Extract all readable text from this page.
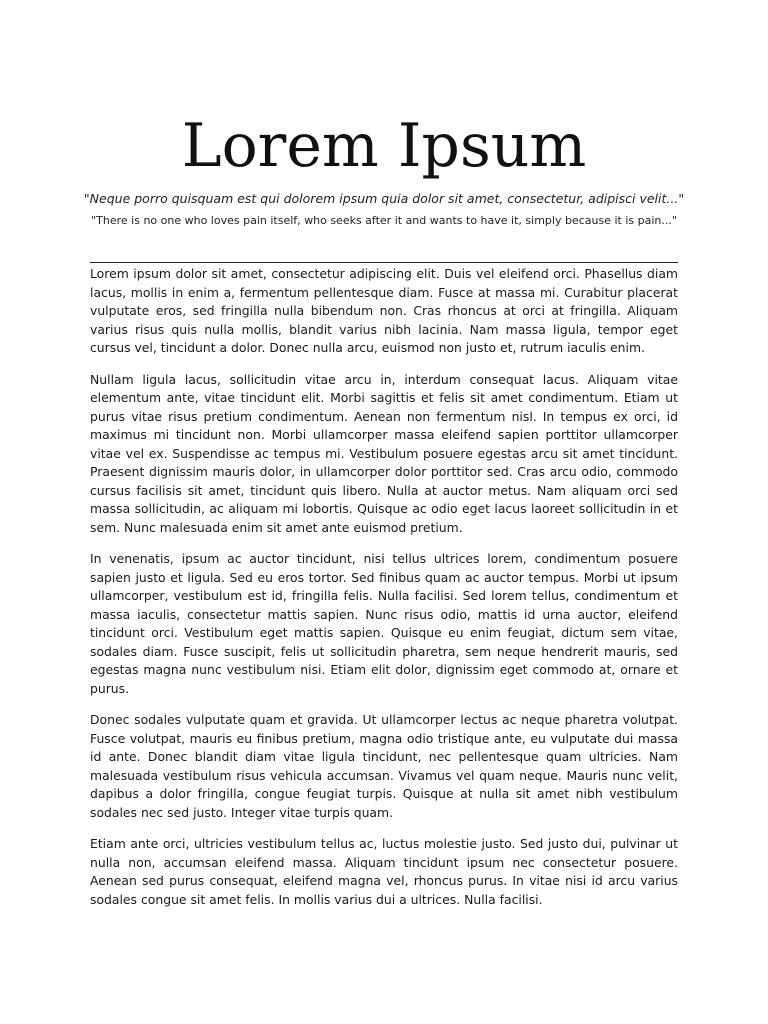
Lorem Ipsum

"Neque porro quisquam est qui dolorem ipsum quia dolor sit amet, consectetur, adipisci velit..."

"There is no one who loves pain itself, who seeks after it and wants to have it, simply because it is pain..."

Lorem ipsum dolor sit amet, consectetur adipiscing elit. Duis vel eleifend orci. Phasellus diam lacus, mollis in enim a, fermentum pellentesque diam. Fusce at massa mi. Curabitur placerat vulputate eros, sed fringilla nulla bibendum non. Cras rhoncus at orci at fringilla. Aliquam varius risus quis nulla mollis, blandit varius nibh lacinia. Nam massa ligula, tempor eget cursus vel, tincidunt a dolor. Donec nulla arcu, euismod non justo et, rutrum iaculis enim.

Nullam ligula lacus, sollicitudin vitae arcu in, interdum consequat lacus. Aliquam vitae elementum ante, vitae tincidunt elit. Morbi sagittis et felis sit amet condimentum. Etiam ut purus vitae risus pretium condimentum. Aenean non fermentum nisl. In tempus ex orci, id maximus mi tincidunt non. Morbi ullamcorper massa eleifend sapien porttitor ullamcorper vitae vel ex. Suspendisse ac tempus mi. Vestibulum posuere egestas arcu sit amet tincidunt. Praesent dignissim mauris dolor, in ullamcorper dolor porttitor sed. Cras arcu odio, commodo cursus facilisis sit amet, tincidunt quis libero. Nulla at auctor metus. Nam aliquam orci sed massa sollicitudin, ac aliquam mi lobortis. Quisque ac odio eget lacus laoreet sollicitudin in et sem. Nunc malesuada enim sit amet ante euismod pretium.

In venenatis, ipsum ac auctor tincidunt, nisi tellus ultrices lorem, condimentum posuere sapien justo et ligula. Sed eu eros tortor. Sed finibus quam ac auctor tempus. Morbi ut ipsum ullamcorper, vestibulum est id, fringilla felis. Nulla facilisi. Sed lorem tellus, condimentum et massa iaculis, consectetur mattis sapien. Nunc risus odio, mattis id urna auctor, eleifend tincidunt orci. Vestibulum eget mattis sapien. Quisque eu enim feugiat, dictum sem vitae, sodales diam. Fusce suscipit, felis ut sollicitudin pharetra, sem neque hendrerit mauris, sed egestas magna nunc vestibulum nisi. Etiam elit dolor, dignissim eget commodo at, ornare et purus.

Donec sodales vulputate quam et gravida. Ut ullamcorper lectus ac neque pharetra volutpat. Fusce volutpat, mauris eu finibus pretium, magna odio tristique ante, eu vulputate dui massa id ante. Donec blandit diam vitae ligula tincidunt, nec pellentesque quam ultricies. Nam malesuada vestibulum risus vehicula accumsan. Vivamus vel quam neque. Mauris nunc velit, dapibus a dolor fringilla, congue feugiat turpis. Quisque at nulla sit amet nibh vestibulum sodales nec sed justo. Integer vitae turpis quam.

Etiam ante orci, ultricies vestibulum tellus ac, luctus molestie justo. Sed justo dui, pulvinar ut nulla non, accumsan eleifend massa. Aliquam tincidunt ipsum nec consectetur posuere. Aenean sed purus consequat, eleifend magna vel, rhoncus purus. In vitae nisi id arcu varius sodales congue sit amet felis. In mollis varius dui a ultrices. Nulla facilisi.
